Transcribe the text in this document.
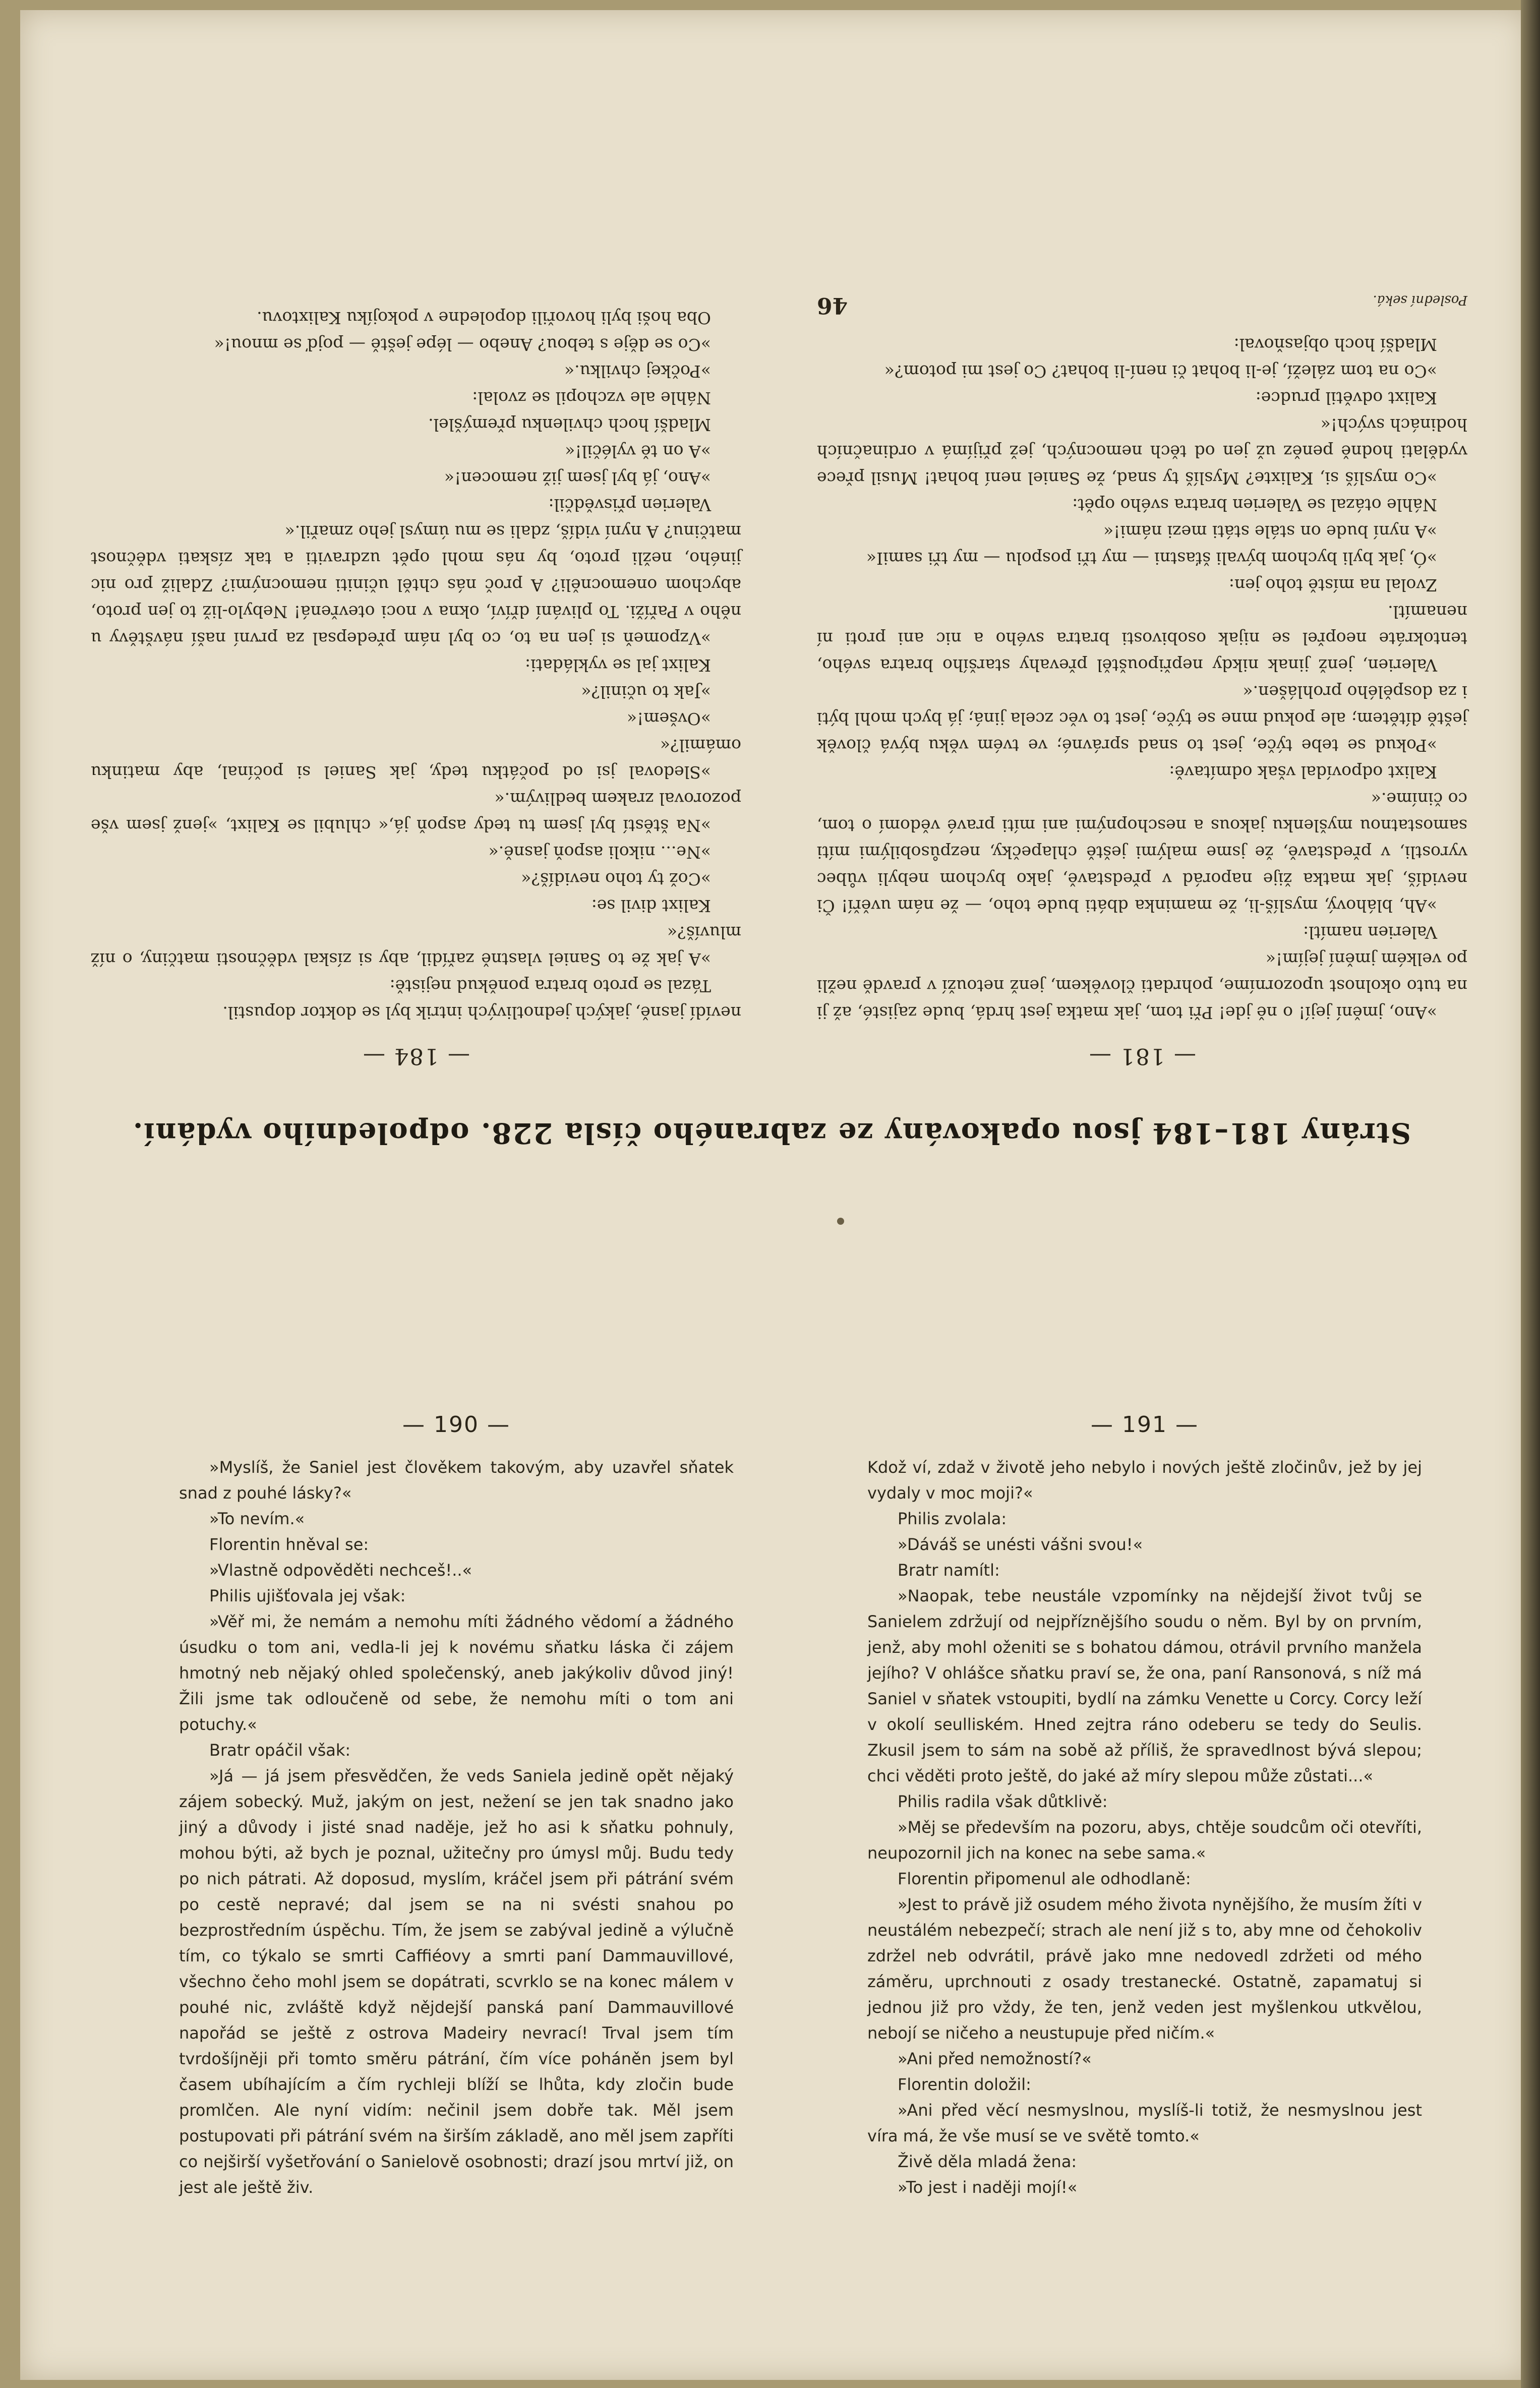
Strány 181–184 jsou opakovány ze zabraného čísla 228. odpoledního vydání.
— 181 —

»Ano, jmění její! o ně jde! Při tom, jak matka jest hrdá, bude zajisté, až ji na tuto okolnost upozorníme, pohrdati člověkem, jenž netouží v pravdě nežli po velkém jmění jejím!«

Valerien namítl:

»Ah, bláhový, myslíš-li, že maminka dbáti bude toho, — že nám uvěří! Či nevidíš, jak matka žije naporád v představě, jako bychom nebyli vůbec vyrostli, v představě, že jsme malými ještě chlapečky, nezpůsobilými míti samostatnou myšlenku jakous a neschopnými ani míti pravé vědomí o tom, co činíme.«

Kalixt odpovídal však odmítavě:

»Pokud se tebe týče, jest to snad správné; ve tvém věku bývá člověk ještě dítětem; ale pokud mne se týče, jest to věc zcela jiná; já bych mohl býti i za dospělého prohlášen.«

Valerien, jenž jinak nikdy nepřipouštěl převahy staršího bratra svého, tentokráte neopřel se nijak osobivosti bratra svého a nic ani proti ní nenamítl.

Zvolal na místě toho jen:

»Ó, jak byli bychom bývali šťastni — my tři pospolu — my tři samiI«

»A nyní bude on stále státi mezi námi!«

Náhle otázal se Valerien bratra svého opět:

»Co myslíš si, Kalixte? Myslíš ty snad, že Saniel není bohat! Musil přece vydělati hodně peněz už jen od těch nemocných, jež přijímá v ordinačních hodinách svých!«

Kalixt odvětil prudce:

»Co na tom záleží, je-li bohat či není-li bohat? Co jest mi potom?«

Mladší hoch objasňoval:

Poslední seká.
46
— 184 —

nevídí jasně, jakých jednotlivých intrik byl se doktor dopustil.

Tázal se proto bratra poněkud nejistě:

»A jak že to Saniel vlastně zařídil, aby si získal vděčnosti matčiny, o níž mluvíš?«

Kalixt divil se:

»Což ty toho nevidíš?«

»Ne... nikoli aspoň jasně.«

»Na štěstí byl jsem tu tedy aspoň já,« chlubil se Kalixt, »jenž jsem vše pozoroval zrakem bedlivým.«

»Sledoval jsi od počátku tedy, jak Saniel si počínal, aby matinku omámil?«

»Ovšem!«

»Jak to učinil?«

Kalixt jal se vykládati:

»Vzpomeň si jen na to, co byl nám předepsal za první naší návštěvy u něho v Paříži. To plivání dříví, okna v noci otevřená! Nebylo-liž to jen proto, abychom onemocněli? A proč nás chtěl učiniti nemocnými? Zdaliž pro nic jiného, nežli proto, by nás mohl opět uzdraviti a tak získati vděčnost matčinu? A nyní vidíš, zdali se mu úmysl jeho zmařil.«

Valerien přisvědčil:

»Ano, já byl jsem již nemocen!«

»A on tě vyléčil!«

Mladší hoch chvilenku přemýšlel.

Náhle ale vzchopil se zvolal:

»Počkej chvilku.«

»Co se děje s tebou? Anebo — lépe ještě — pojď se mnou!«

Oba hoši byli hovořili dopoledne v pokojíku Kalixtovu.

— 190 —

»Myslíš, že Saniel jest člověkem takovým, aby uzavřel sňatek snad z pouhé lásky?«

»To nevím.«

Florentin hněval se:

»Vlastně odpověděti nechceš!..«

Philis ujišťovala jej však:

»Věř mi, že nemám a nemohu míti žádného vědomí a žádného úsudku o tom ani, vedla-li jej k novému sňatku láska či zájem hmotný neb nějaký ohled společenský, aneb jakýkoliv důvod jiný! Žili jsme tak odloučeně od sebe, že nemohu míti o tom ani potuchy.«

Bratr opáčil však:

»Já — já jsem přesvědčen, že veds Saniela jedině opět nějaký zájem sobecký. Muž, jakým on jest, nežení se jen tak snadno jako jiný a důvody i jisté snad naděje, jež ho asi k sňatku pohnuly, mohou býti, až bych je poznal, užitečny pro úmysl můj. Budu tedy po nich pátrati. Až doposud, myslím, kráčel jsem při pátrání svém po cestě nepravé; dal jsem se na ni svésti snahou po bezprostředním úspěchu. Tím, že jsem se zabýval jedině a výlučně tím, co týkalo se smrti Caffiéovy a smrti paní Dammauvillové, všechno čeho mohl jsem se dopátrati, scvrklo se na konec málem v pouhé nic, zvláště když nějdejší panská paní Dammauvillové napořád se ještě z ostrova Madeiry nevrací! Trval jsem tím tvrdošíjněji při tomto směru pátrání, čím více poháněn jsem byl časem ubíhajícím a čím rychleji blíží se lhůta, kdy zločin bude promlčen. Ale nyní vidím: nečinil jsem dobře tak. Měl jsem postupovati při pátrání svém na širším základě, ano měl jsem zapříti co nejširší vyšetřování o Sanielově osobnosti; drazí jsou mrtví již, on jest ale ještě živ.

— 191 —

Kdož ví, zdaž v životě jeho nebylo i nových ještě zločinův, jež by jej vydaly v moc moji?«

Philis zvolala:

»Dáváš se unésti vášni svou!«

Bratr namítl:

»Naopak, tebe neustále vzpomínky na nějdejší život tvůj se Sanielem zdržují od nejpříznějšího soudu o něm. Byl by on prvním, jenž, aby mohl oženiti se s bohatou dámou, otrávil prvního manžela jejího? V ohlášce sňatku praví se, že ona, paní Ransonová, s níž má Saniel v sňatek vstoupiti, bydlí na zámku Venette u Corcy. Corcy leží v okolí seulliském. Hned zejtra ráno odeberu se tedy do Seulis. Zkusil jsem to sám na sobě až příliš, že spravedlnost bývá slepou; chci věděti proto ještě, do jaké až míry slepou může zůstati...«

Philis radila však důtklivě:

»Měj se především na pozoru, abys, chtěje soudcům oči otevříti, neupozornil jich na konec na sebe sama.«

Florentin připomenul ale odhodlaně:

»Jest to právě již osudem mého života nynějšího, že musím žíti v neustálém nebezpečí; strach ale není již s to, aby mne od čehokoliv zdržel neb odvrátil, právě jako mne nedovedl zdržeti od mého záměru, uprchnouti z osady trestanecké. Ostatně, zapamatuj si jednou již pro vždy, že ten, jenž veden jest myšlenkou utkvělou, nebojí se ničeho a neustupuje před ničím.«

»Ani před nemožností?«

Florentin doložil:

»Ani před věcí nesmyslnou, myslíš-li totiž, že nesmyslnou jest víra má, že vše musí se ve světě tomto.«

Živě děla mladá žena:

»To jest i naději mojí!«
